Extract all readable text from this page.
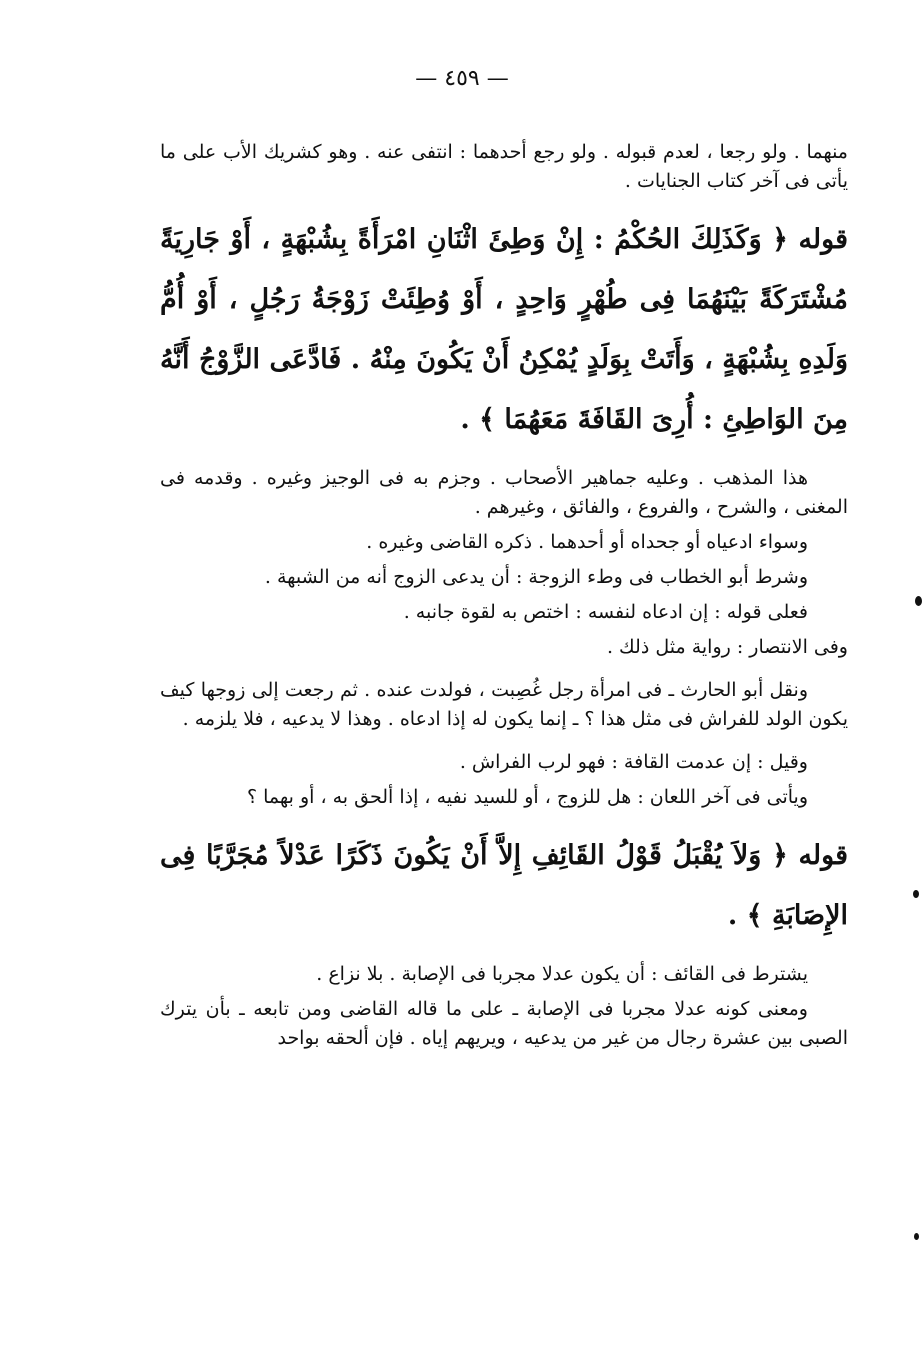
— ٤٥٩ —

منهما . ولو رجعا ، لعدم قبوله . ولو رجع أحدهما : انتفى عنه . وهو كشريك الأب على ما يأتى فى آخر كتاب الجنايات .

قوله ﴿ وَكَذَلِكَ الحُكْمُ : إِنْ وَطِئَ اثْنَانِ امْرَأَةً بِشُبْهَةٍ ، أَوْ جَارِيَةً مُشْتَرَكَةً بَيْنَهُمَا فِى طُهْرٍ وَاحِدٍ ، أَوْ وُطِئَتْ زَوْجَةُ رَجُلٍ ، أَوْ أُمُّ وَلَدِهِ بِشُبْهَةٍ ، وَأَتَتْ بِوَلَدٍ يُمْكِنُ أَنْ يَكُونَ مِنْهُ . فَادَّعَى الزَّوْجُ أَنَّهُ مِنَ الوَاطِئِ : أُرِىَ القَافَةَ مَعَهُمَا ﴾ .

هذا المذهب . وعليه جماهير الأصحاب . وجزم به فى الوجيز وغيره . وقدمه فى المغنى ، والشرح ، والفروع ، والفائق ، وغيرهم .

وسواء ادعياه أو جحداه أو أحدهما . ذكره القاضى وغيره .

وشرط أبو الخطاب فى وطء الزوجة : أن يدعى الزوج أنه من الشبهة .

فعلى قوله : إن ادعاه لنفسه : اختص به لقوة جانبه .

وفى الانتصار : رواية مثل ذلك .

ونقل أبو الحارث ـ فى امرأة رجل غُصِبت ، فولدت عنده . ثم رجعت إلى زوجها كيف يكون الولد للفراش فى مثل هذا ؟ ـ إنما يكون له إذا ادعاه . وهذا لا يدعيه ، فلا يلزمه .

وقيل : إن عدمت القافة : فهو لرب الفراش .

ويأتى فى آخر اللعان : هل للزوج ، أو للسيد نفيه ، إذا ألحق به ، أو بهما ؟

قوله ﴿ وَلاَ يُقْبَلُ قَوْلُ القَائِفِ إِلاَّ أَنْ يَكُونَ ذَكَرًا عَدْلاً مُجَرَّبًا فِى الإِصَابَةِ ﴾ .

يشترط فى القائف : أن يكون عدلا مجربا فى الإصابة . بلا نزاع .

ومعنى كونه عدلا مجربا فى الإصابة ـ على ما قاله القاضى ومن تابعه ـ بأن يترك الصبى بين عشرة رجال من غير من يدعيه ، ويريهم إياه . فإن ألحقه بواحد
